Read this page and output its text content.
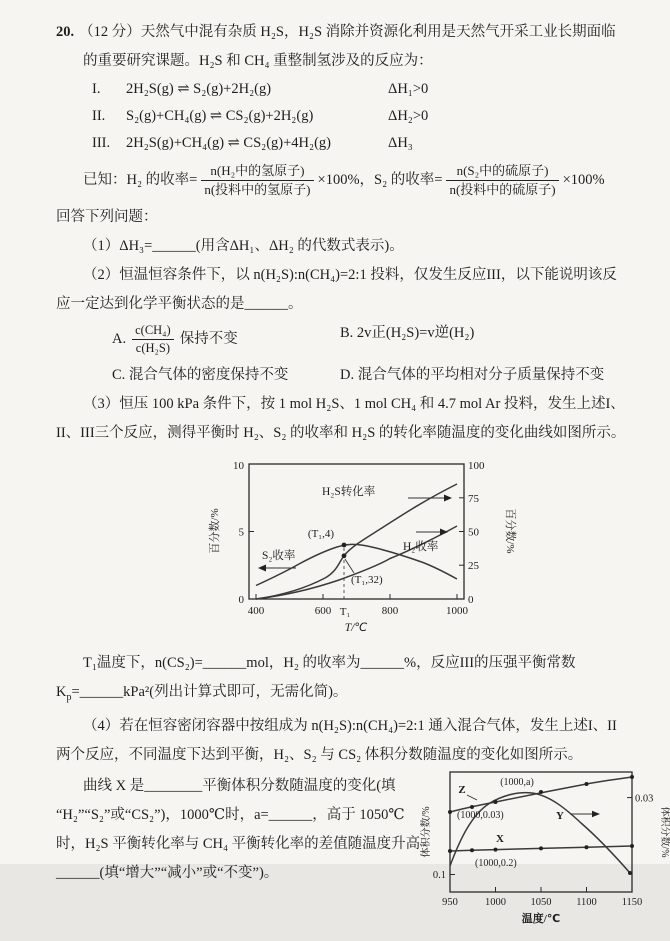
20. （12 分）天然气中混有杂质 H₂S，H₂S 消除并资源化利用是天然气开采工业长期面临
的重要研究课题。H₂S 和 CH₄ 重整制氢涉及的反应为：
I.	2H₂S(g) ⇌ S₂(g)+2H₂(g)	ΔH₁>0
II.	S₂(g)+CH₄(g) ⇌ CS₂(g)+2H₂(g)	ΔH₂>0
III.	2H₂S(g)+CH₄(g) ⇌ CS₂(g)+4H₂(g)	ΔH₃
已知：H₂ 的收率= $\frac{\text{n(H₂中的氢原子)}}{\text{n(投料中的氢原子)}} \times 100\%$，S₂ 的收率= $\frac{\text{n(S₂中的硫原子)}}{\text{n(投料中的硫原子)}} \times 100\%$
回答下列问题：
（1）ΔH₃=______(用含ΔH₁、ΔH₂ 的代数式表示)。
（2）恒温恒容条件下，以 n(H₂S):n(CH₄)=2:1 投料，仅发生反应III，以下能说明该反
应一定达到化学平衡状态的是______。
A. $\frac{\text{c(CH₄)}}{\text{c(H₂S)}}$ 保持不变	B. 2v正(H₂S)=v逆(H₂)
C. 混合气体的密度保持不变	D. 混合气体的平均相对分子质量保持不变
（3）恒压 100 kPa 条件下，按 1 mol H₂S、1 mol CH₄ 和 4.7 mol Ar 投料，发生上述I、
II、III三个反应，测得平衡时 H₂、S₂ 的收率和 H₂S 的转化率随温度的变化曲线如图所示。
H₂S转化率
H₂收率
S₂收率
(T₁,4)
(T₁,32)
0
5
10
0
25
50
75
100
400	600 T₁	800	1000
T/℃
百分数/%	百分数/%
T₁温度下，n(CS₂)=______mol，H₂ 的收率为______%，反应III的压强平衡常数
$K_p=\_\_\_\_\_\_kPa^2$(列出计算式即可，无需化简)。
（4）若在恒容密闭容器中按组成为 n(H₂S):n(CH₄)=2:1 通入混合气体，发生上述I、II
两个反应，不同温度下达到平衡，H₂、S₂ 与 CS₂ 体积分数随温度的变化如图所示。
曲线 X 是________平衡体积分数随温度的变化(填
“H₂”“S₂”或“CS₂”)，1000℃时，a=______，高于 1050℃
时，H₂S 平衡转化率与 CH₄ 平衡转化率的差值随温度升高
______(填“增大”“减小”或“不变”)。
Z
(1000,a)
(1000,0.03)	Y
X
(1000,0.2)
0.1
0.03
950	1000 1050 1100 1150
温度/℃
体积分数/%	体积分数/%
